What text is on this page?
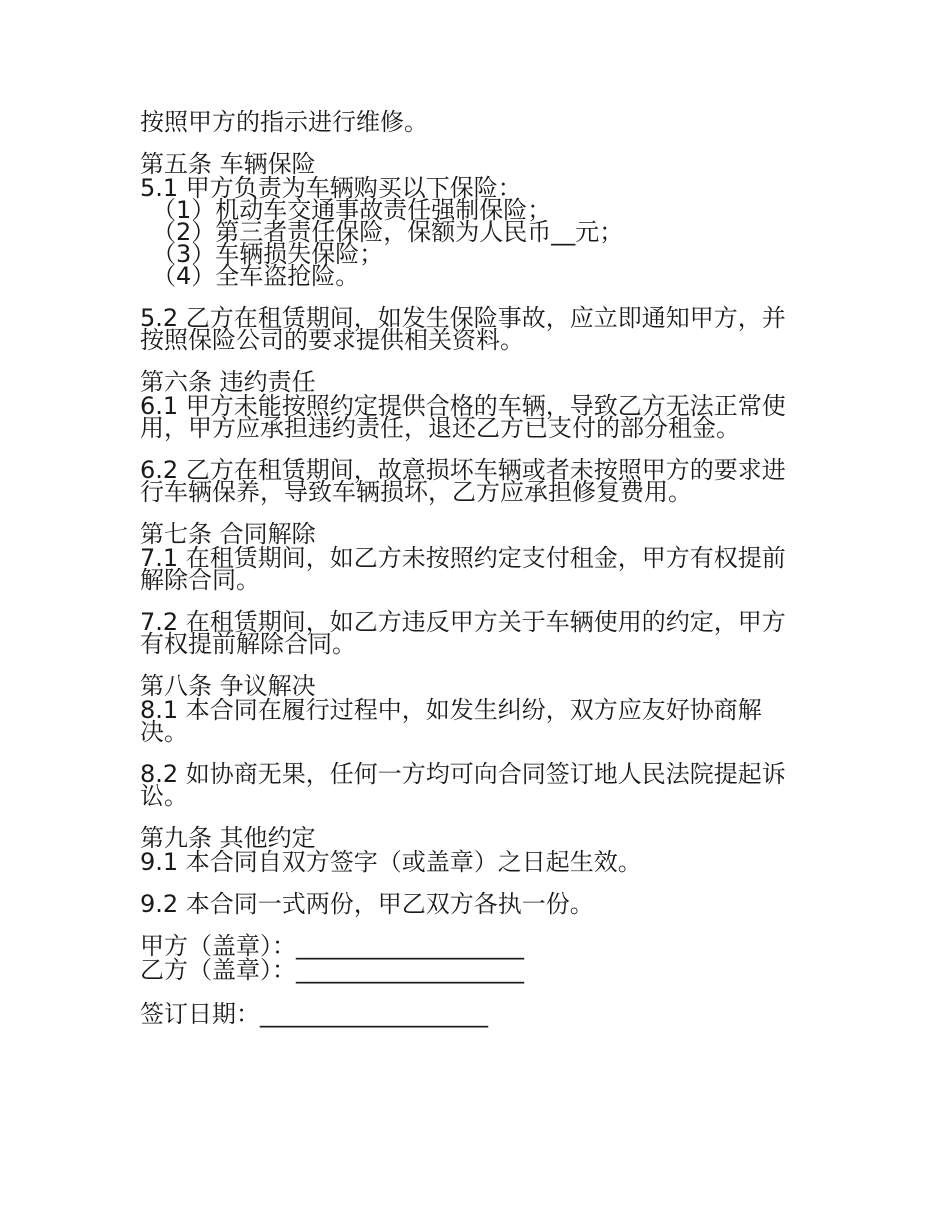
按照甲方的指示进行维修。
第五条 车辆保险
5.1 甲方负责为车辆购买以下保险：
（1）机动车交通事故责任强制保险；
（2）第三者责任保险，保额为人民币__元；
（3）车辆损失保险；
（4）全车盗抢险。
5.2 乙方在租赁期间，如发生保险事故，应立即通知甲方，并
按照保险公司的要求提供相关资料。
第六条 违约责任
6.1 甲方未能按照约定提供合格的车辆，导致乙方无法正常使
用，甲方应承担违约责任，退还乙方已支付的部分租金。
6.2 乙方在租赁期间，故意损坏车辆或者未按照甲方的要求进
行车辆保养，导致车辆损坏，乙方应承担修复费用。
第七条 合同解除
7.1 在租赁期间，如乙方未按照约定支付租金，甲方有权提前
解除合同。
7.2 在租赁期间，如乙方违反甲方关于车辆使用的约定，甲方
有权提前解除合同。
第八条 争议解决
8.1 本合同在履行过程中，如发生纠纷，双方应友好协商解
决。
8.2 如协商无果，任何一方均可向合同签订地人民法院提起诉
讼。
第九条 其他约定
9.1 本合同自双方签字（或盖章）之日起生效。
9.2 本合同一式两份，甲乙双方各执一份。
甲方（盖章）：___________________
乙方（盖章）：___________________
签订日期：___________________
